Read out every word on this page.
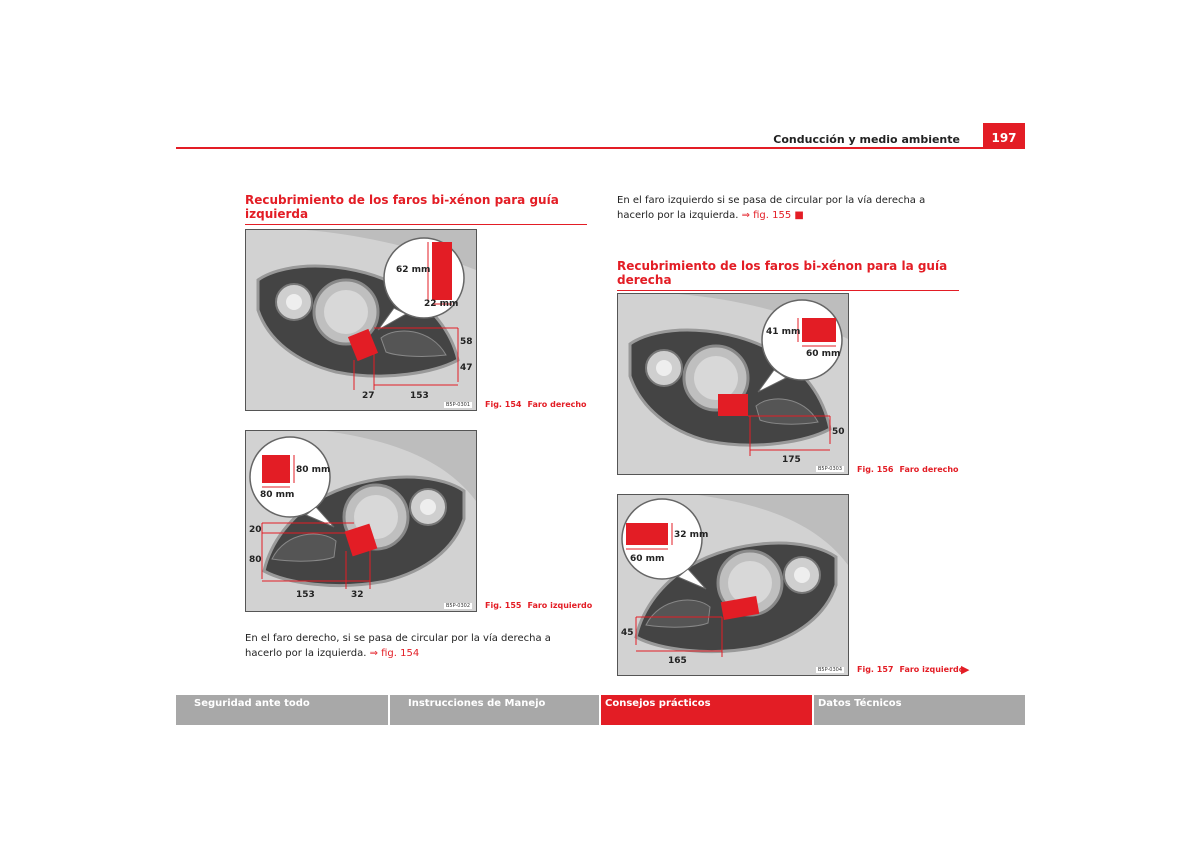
Conducción y medio ambiente	197
Recubrimiento de los faros bi-xénon para guía izquierda
62 mm
22 mm
58
47
27	153
B5P-0301 Fig. 154 Faro derecho
80 mm
80 mm
20
80
153	32
B5P-0302 Fig. 155 Faro izquierdo
En el faro derecho, si se pasa de circular por la vía derecha a hacerlo por la izquierda. ⇒ fig. 154
En el faro izquierdo si se pasa de circular por la vía derecha a hacerlo por la izquierda. ⇒ fig. 155 ■
Recubrimiento de los faros bi-xénon para la guía derecha
41 mm
60 mm
50
175
B5P-0303 Fig. 156 Faro derecho
32 mm
60 mm
45
165
B5P-0304 Fig. 157 Faro izquierdo
▶
Seguridad ante todo	Instrucciones de Manejo	Consejos prácticos	Datos Técnicos
